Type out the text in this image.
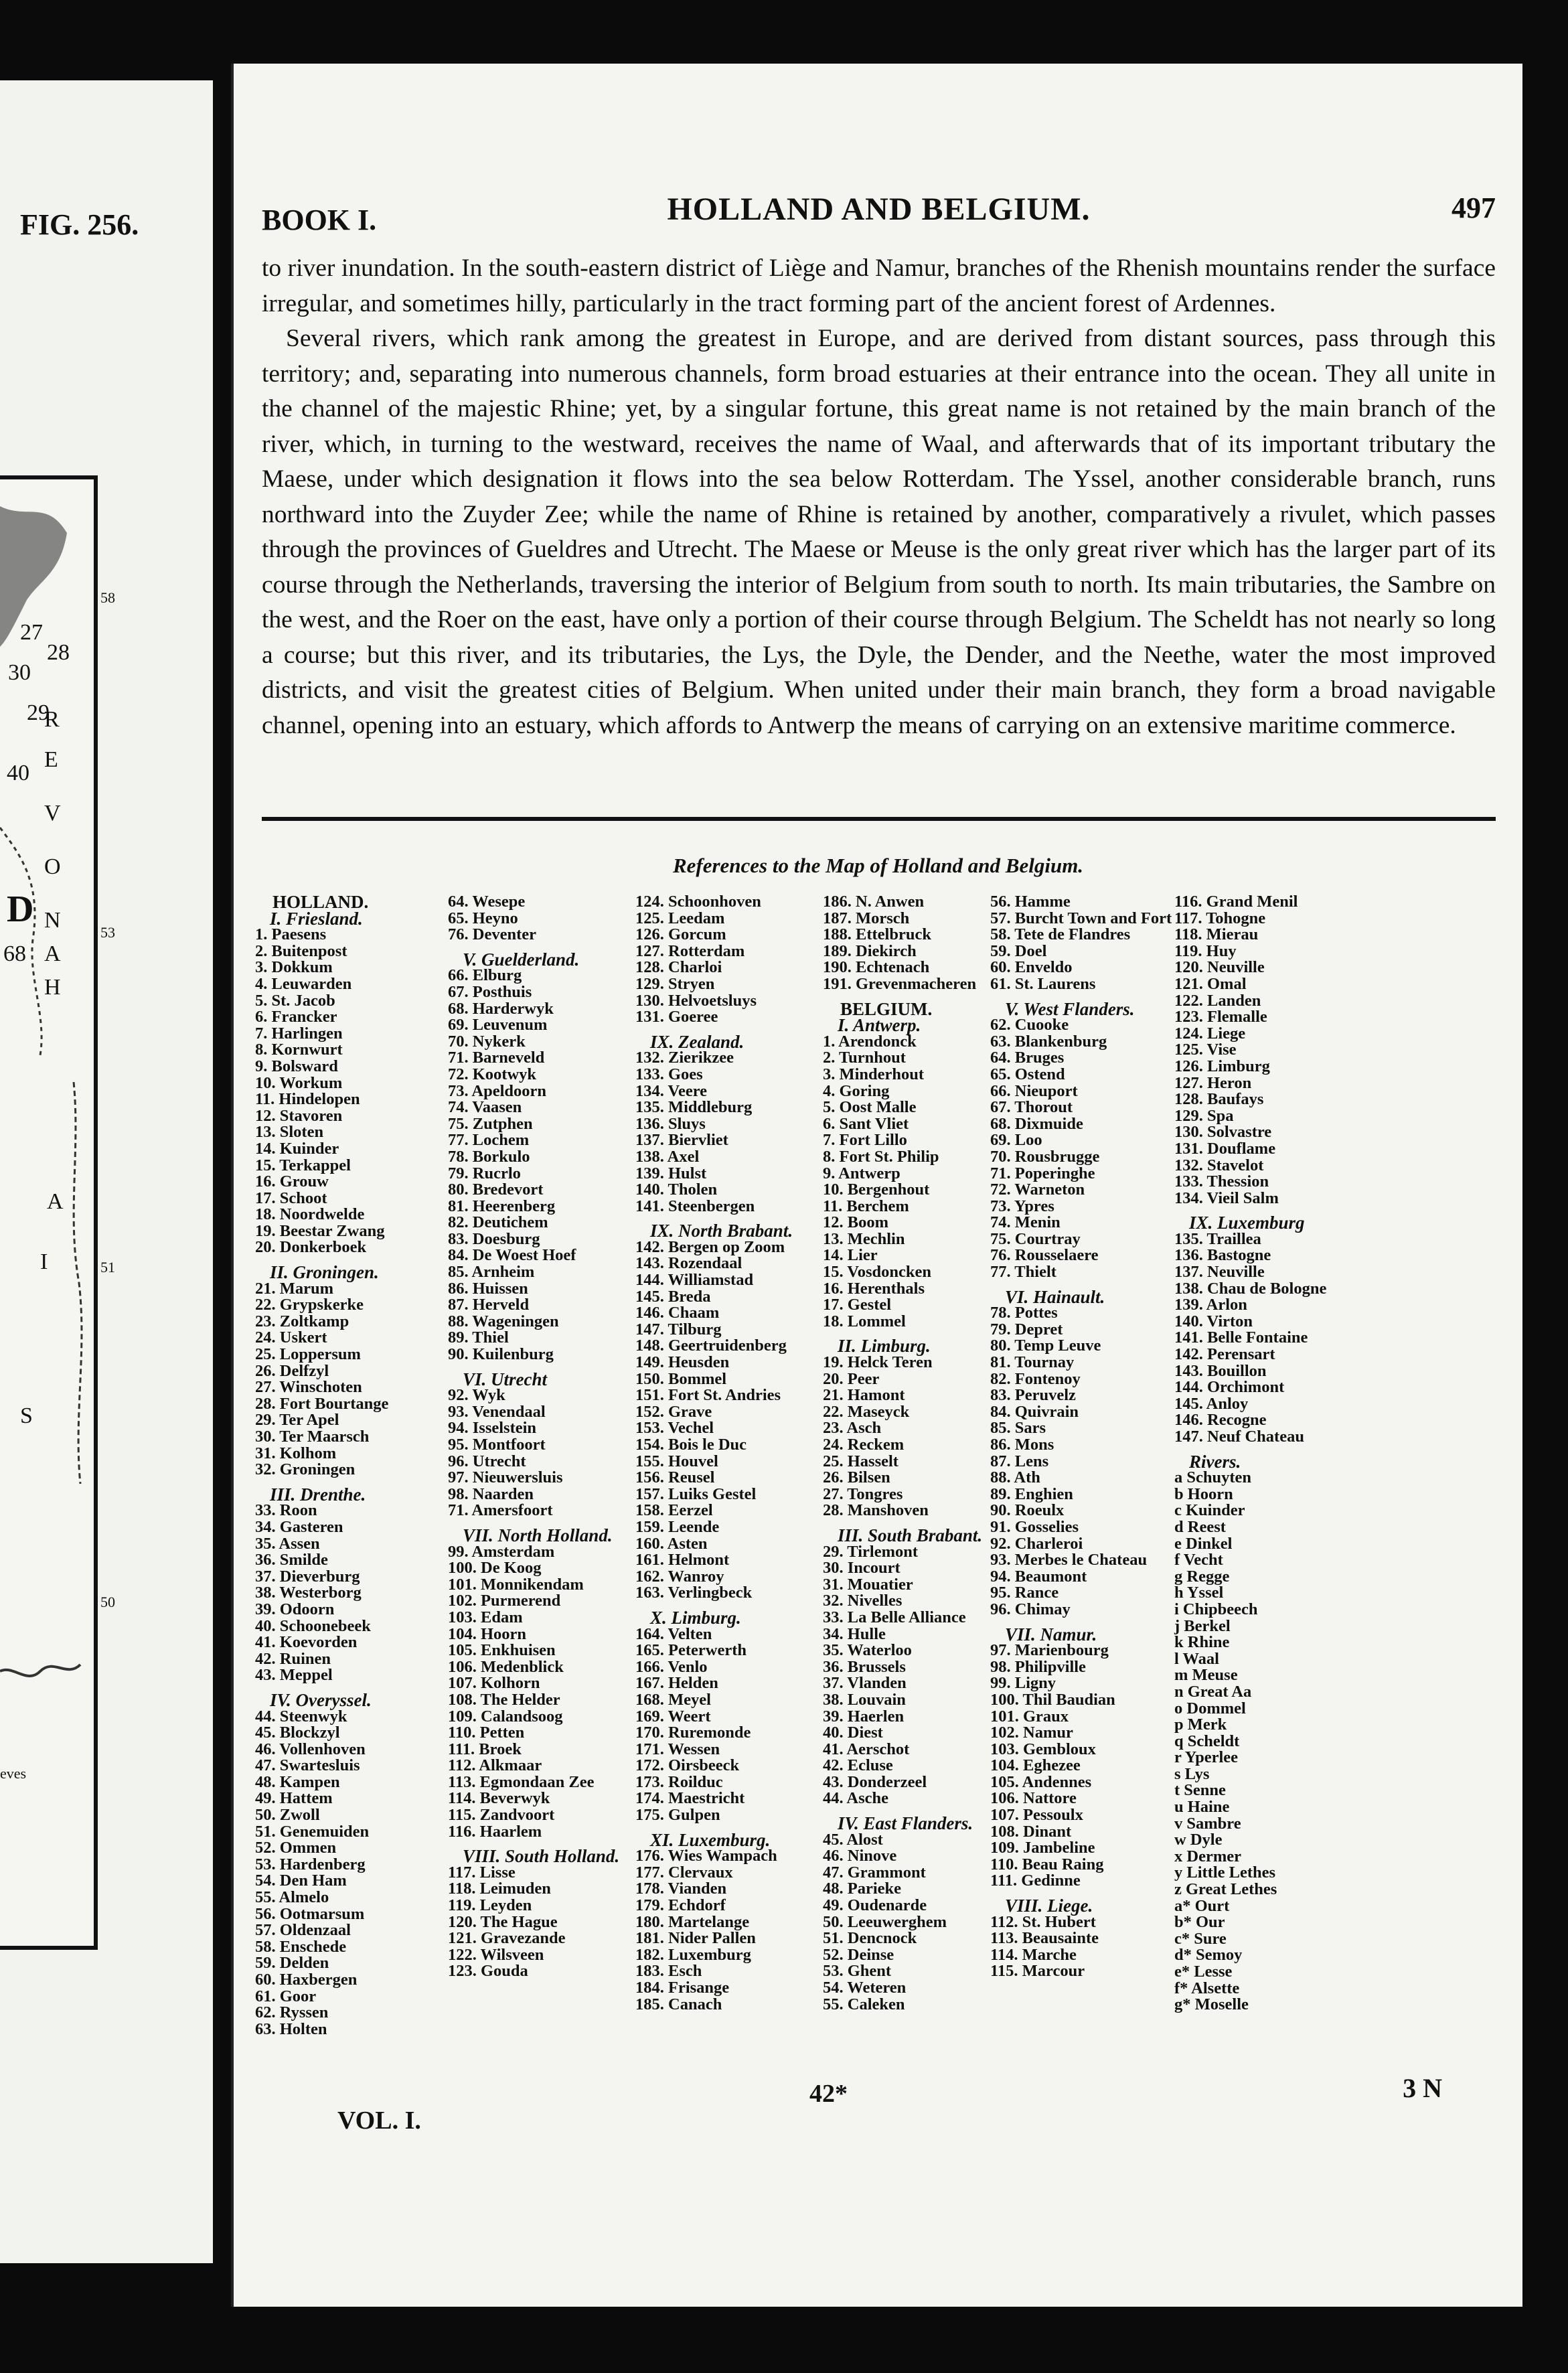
FIG. 256.
27
30
28
29
40
D
68
H
A
N
O
V
E
R
I
A
S
eves
58
53
51
50
BOOK I.	HOLLAND AND BELGIUM.	497

to river inundation. In the south-eastern district of Liège and Namur, branches of the Rhenish mountains render the surface irregular, and sometimes hilly, particularly in the tract forming part of the ancient forest of Ardennes.

Several rivers, which rank among the greatest in Europe, and are derived from distant sources, pass through this territory; and, separating into numerous channels, form broad estuaries at their entrance into the ocean. They all unite in the channel of the majestic Rhine; yet, by a singular fortune, this great name is not retained by the main branch of the river, which, in turning to the westward, receives the name of Waal, and afterwards that of its important tributary the Maese, under which designation it flows into the sea below Rotterdam. The Yssel, another considerable branch, runs northward into the Zuyder Zee; while the name of Rhine is retained by another, comparatively a rivulet, which passes through the provinces of Gueldres and Utrecht. The Maese or Meuse is the only great river which has the larger part of its course through the Netherlands, traversing the interior of Belgium from south to north. Its main tributaries, the Sambre on the west, and the Roer on the east, have only a portion of their course through Belgium. The Scheldt has not nearly so long a course; but this river, and its tributaries, the Lys, the Dyle, the Dender, and the Neethe, water the most improved districts, and visit the greatest cities of Belgium. When united under their main branch, they form a broad navigable channel, opening into an estuary, which affords to Antwerp the means of carrying on an extensive maritime commerce.

References to the Map of Holland and Belgium.
HOLLAND.
I. Friesland.
1. Paesens
2. Buitenpost
3. Dokkum
4. Leuwarden
5. St. Jacob
6. Francker
7. Harlingen
8. Kornwurt
9. Bolsward
10. Workum
11. Hindelopen
12. Stavoren
13. Sloten
14. Kuinder
15. Terkappel
16. Grouw
17. Schoot
18. Noordwelde
19. Beestar Zwang
20. Donkerboek
II. Groningen.
21. Marum
22. Grypskerke
23. Zoltkamp
24. Uskert
25. Loppersum
26. Delfzyl
27. Winschoten
28. Fort Bourtange
29. Ter Apel
30. Ter Maarsch
31. Kolhom
32. Groningen
III. Drenthe.
33. Roon
34. Gasteren
35. Assen
36. Smilde
37. Dieverburg
38. Westerborg
39. Odoorn
40. Schoonebeek
41. Koevorden
42. Ruinen
43. Meppel
IV. Overyssel.
44. Steenwyk
45. Blockzyl
46. Vollenhoven
47. Swartesluis
48. Kampen
49. Hattem
50. Zwoll
51. Genemuiden
52. Ommen
53. Hardenberg
54. Den Ham
55. Almelo
56. Ootmarsum
57. Oldenzaal
58. Enschede
59. Delden
60. Haxbergen
61. Goor
62. Ryssen
63. Holten
64. Wesepe
65. Heyno
76. Deventer
V. Guelderland.
66. Elburg
67. Posthuis
68. Harderwyk
69. Leuvenum
70. Nykerk
71. Barneveld
72. Kootwyk
73. Apeldoorn
74. Vaasen
75. Zutphen
77. Lochem
78. Borkulo
79. Rucrlo
80. Bredevort
81. Heerenberg
82. Deutichem
83. Doesburg
84. De Woest Hoef
85. Arnheim
86. Huissen
87. Herveld
88. Wageningen
89. Thiel
90. Kuilenburg
VI. Utrecht
92. Wyk
93. Venendaal
94. Isselstein
95. Montfoort
96. Utrecht
97. Nieuwersluis
98. Naarden
71. Amersfoort
VII. North Holland.
99. Amsterdam
100. De Koog
101. Monnikendam
102. Purmerend
103. Edam
104. Hoorn
105. Enkhuisen
106. Medenblick
107. Kolhorn
108. The Helder
109. Calandsoog
110. Petten
111. Broek
112. Alkmaar
113. Egmondaan Zee
114. Beverwyk
115. Zandvoort
116. Haarlem
VIII. South Holland.
117. Lisse
118. Leimuden
119. Leyden
120. The Hague
121. Gravezande
122. Wilsveen
123. Gouda
124. Schoonhoven
125. Leedam
126. Gorcum
127. Rotterdam
128. Charloi
129. Stryen
130. Helvoetsluys
131. Goeree
IX. Zealand.
132. Zierikzee
133. Goes
134. Veere
135. Middleburg
136. Sluys
137. Biervliet
138. Axel
139. Hulst
140. Tholen
141. Steenbergen
IX. North Brabant.
142. Bergen op Zoom
143. Rozendaal
144. Williamstad
145. Breda
146. Chaam
147. Tilburg
148. Geertruidenberg
149. Heusden
150. Bommel
151. Fort St. Andries
152. Grave
153. Vechel
154. Bois le Duc
155. Houvel
156. Reusel
157. Luiks Gestel
158. Eerzel
159. Leende
160. Asten
161. Helmont
162. Wanroy
163. Verlingbeck
X. Limburg.
164. Velten
165. Peterwerth
166. Venlo
167. Helden
168. Meyel
169. Weert
170. Ruremonde
171. Wessen
172. Oirsbeeck
173. Roilduc
174. Maestricht
175. Gulpen
XI. Luxemburg.
176. Wies Wampach
177. Clervaux
178. Vianden
179. Echdorf
180. Martelange
181. Nider Pallen
182. Luxemburg
183. Esch
184. Frisange
185. Canach
186. N. Anwen
187. Morsch
188. Ettelbruck
189. Diekirch
190. Echtenach
191. Grevenmacheren
BELGIUM.
I. Antwerp.
1. Arendonck
2. Turnhout
3. Minderhout
4. Goring
5. Oost Malle
6. Sant Vliet
7. Fort Lillo
8. Fort St. Philip
9. Antwerp
10. Bergenhout
11. Berchem
12. Boom
13. Mechlin
14. Lier
15. Vosdoncken
16. Herenthals
17. Gestel
18. Lommel
II. Limburg.
19. Helck Teren
20. Peer
21. Hamont
22. Maseyck
23. Asch
24. Reckem
25. Hasselt
26. Bilsen
27. Tongres
28. Manshoven
III. South Brabant.
29. Tirlemont
30. Incourt
31. Mouatier
32. Nivelles
33. La Belle Alliance
34. Hulle
35. Waterloo
36. Brussels
37. Vlanden
38. Louvain
39. Haerlen
40. Diest
41. Aerschot
42. Ecluse
43. Donderzeel
44. Asche
IV. East Flanders.
45. Alost
46. Ninove
47. Grammont
48. Parieke
49. Oudenarde
50. Leeuwerghem
51. Dencnock
52. Deinse
53. Ghent
54. Weteren
55. Caleken
56. Hamme
57. Burcht Town and Fort
58. Tete de Flandres
59. Doel
60. Enveldo
61. St. Laurens
V. West Flanders.
62. Cuooke
63. Blankenburg
64. Bruges
65. Ostend
66. Nieuport
67. Thorout
68. Dixmuide
69. Loo
70. Rousbrugge
71. Poperinghe
72. Warneton
73. Ypres
74. Menin
75. Courtray
76. Rousselaere
77. Thielt
VI. Hainault.
78. Pottes
79. Depret
80. Temp Leuve
81. Tournay
82. Fontenoy
83. Peruvelz
84. Quivrain
85. Sars
86. Mons
87. Lens
88. Ath
89. Enghien
90. Roeulx
91. Gosselies
92. Charleroi
93. Merbes le Chateau
94. Beaumont
95. Rance
96. Chimay
VII. Namur.
97. Marienbourg
98. Philipville
99. Ligny
100. Thil Baudian
101. Graux
102. Namur
103. Gembloux
104. Eghezee
105. Andennes
106. Nattore
107. Pessoulx
108. Dinant
109. Jambeline
110. Beau Raing
111. Gedinne
VIII. Liege.
112. St. Hubert
113. Beausainte
114. Marche
115. Marcour
116. Grand Menil
117. Tohogne
118. Mierau
119. Huy
120. Neuville
121. Omal
122. Landen
123. Flemalle
124. Liege
125. Vise
126. Limburg
127. Heron
128. Baufays
129. Spa
130. Solvastre
131. Douflame
132. Stavelot
133. Thession
134. Vieil Salm
IX. Luxemburg
135. Traillea
136. Bastogne
137. Neuville
138. Chau de Bologne
139. Arlon
140. Virton
141. Belle Fontaine
142. Perensart
143. Bouillon
144. Orchimont
145. Anloy
146. Recogne
147. Neuf Chateau
Rivers.
a Schuyten
b Hoorn
c Kuinder
d Reest
e Dinkel
f Vecht
g Regge
h Yssel
i Chipbeech
j Berkel
k Rhine
l Waal
m Meuse
n Great Aa
o Dommel
p Merk
q Scheldt
r Yperlee
s Lys
t Senne
u Haine
v Sambre
w Dyle
x Dermer
y Little Lethes
z Great Lethes
a* Ourt
b* Our
c* Sure
d* Semoy
e* Lesse
f* Alsette
g* Moselle
VOL. I.
42*	3 N
